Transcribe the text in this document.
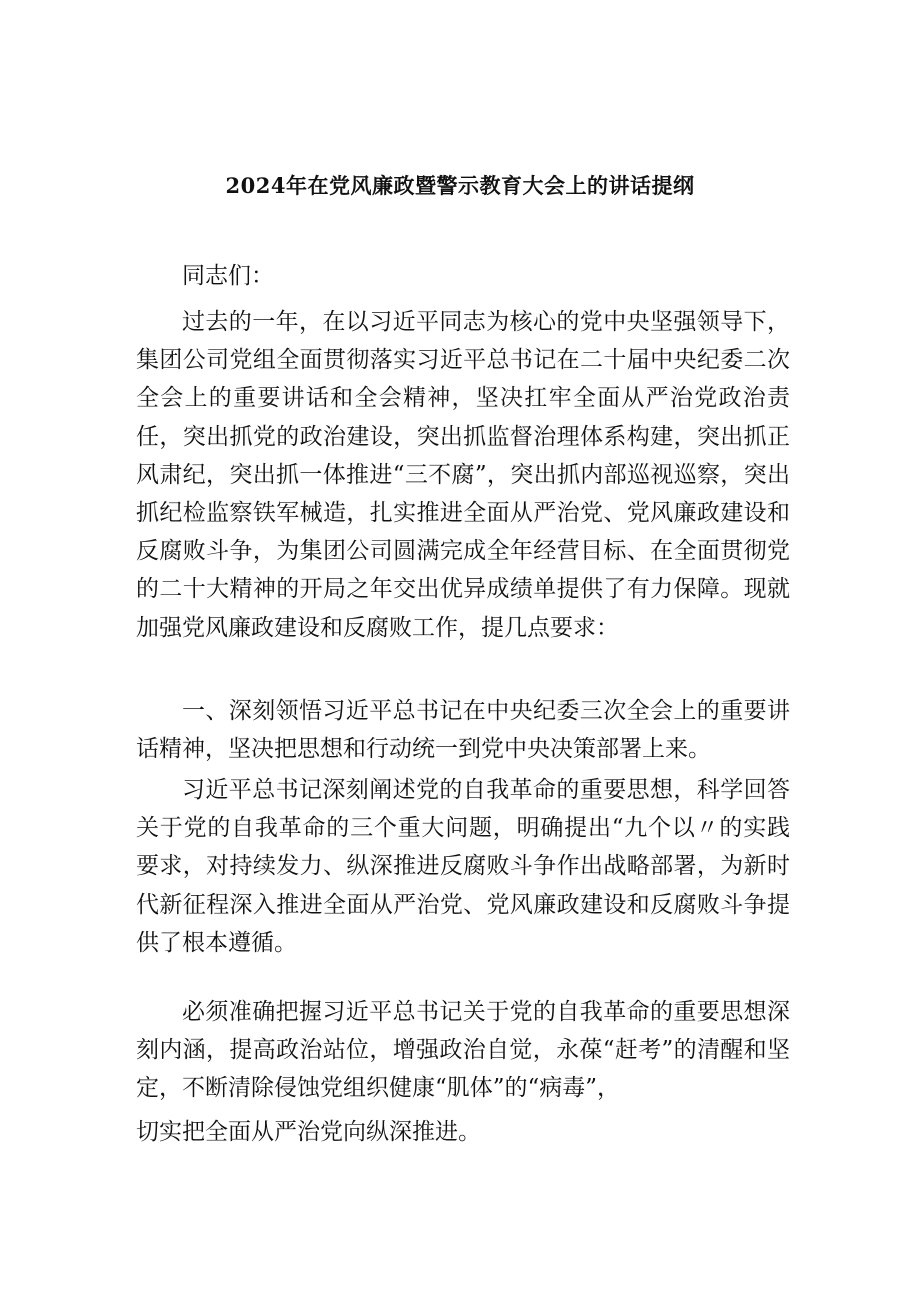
2024年在党风廉政暨警示教育大会上的讲话提纲

同志们：

过去的一年，在以习近平同志为核心的党中央坚强领导下，集团公司党组全面贯彻落实习近平总书记在二十届中央纪委二次全会上的重要讲话和全会精神，坚决扛牢全面从严治党政治责任，突出抓党的政治建设，突出抓监督治理体系构建，突出抓正风肃纪，突出抓一体推进“三不腐”，突出抓内部巡视巡察，突出抓纪检监察铁军械造，扎实推进全面从严治党、党风廉政建设和反腐败斗争，为集团公司圆满完成全年经营目标、在全面贯彻党的二十大精神的开局之年交出优异成绩单提供了有力保障。现就加强党风廉政建设和反腐败工作，提几点要求：

一、深刻领悟习近平总书记在中央纪委三次全会上的重要讲话精神，坚决把思想和行动统一到党中央决策部署上来。

习近平总书记深刻阐述党的自我革命的重要思想，科学回答关于党的自我革命的三个重大问题，明确提出“九个以〃的实践要求，对持续发力、纵深推进反腐败斗争作出战略部署，为新时代新征程深入推进全面从严治党、党风廉政建设和反腐败斗争提供了根本遵循。

必须准确把握习近平总书记关于党的自我革命的重要思想深刻内涵，提高政治站位，增强政治自觉，永葆“赶考”的清醒和坚定，不断清除侵蚀党组织健康“肌体”的“病毒”，

切实把全面从严治党向纵深推进。
